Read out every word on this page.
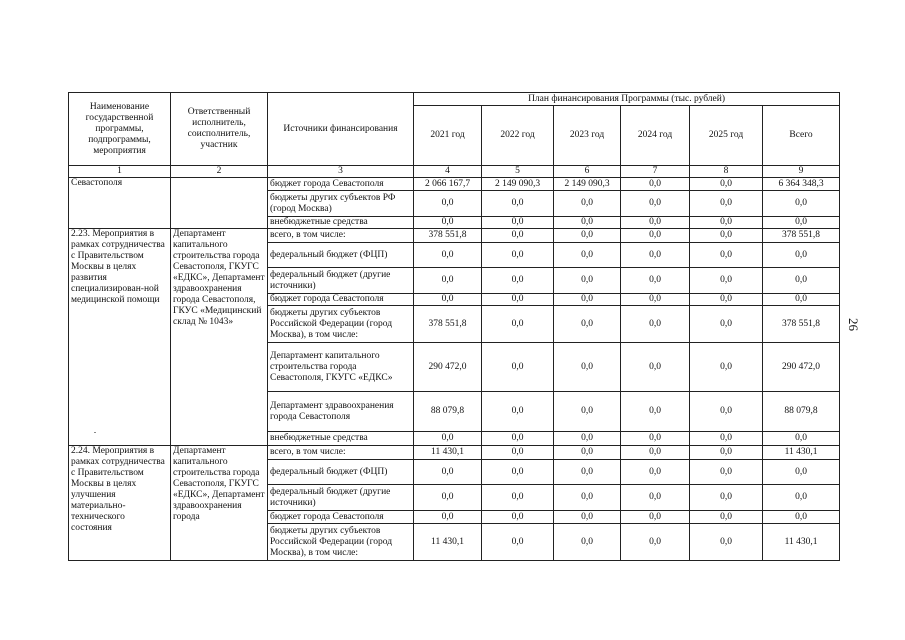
Наименование государственной программы, подпрограммы, мероприятия	Ответственный исполнитель, соисполнитель, участник	Источники финансирования	План финансирования Программы (тыс. рублей)					
			2021 год	2022 год	2023 год	2024 год	2025 год	Всего
1	2	3	4	5	6	7	8	9
Севастополя		бюджет города Севастополя	2 066 167,7	2 149 090,3	2 149 090,3	0,0	0,0	6 364 348,3
		бюджеты других субъектов РФ (город Москва)	0,0	0,0	0,0	0,0	0,0	0,0
		внебюджетные средства	0,0	0,0	0,0	0,0	0,0	0,0
2.23. Мероприятия в рамках сотрудничества с Правительством Москвы в целях развития специализирован-ной медицинской помощи	Департамент капитального строительства города Севастополя, ГКУГС «ЕДКС», Департамент здравоохранения города Севастополя, ГКУС «Медицинский склад № 1043»	всего, в том числе:	378 551,8	0,0	0,0	0,0	0,0	378 551,8
		федеральный бюджет (ФЦП)	0,0	0,0	0,0	0,0	0,0	0,0
		федеральный бюджет (другие источники)	0,0	0,0	0,0	0,0	0,0	0,0
		бюджет города Севастополя	0,0	0,0	0,0	0,0	0,0	0,0
		бюджеты других субъектов Российской Федерации (город Москва), в том числе:	378 551,8	0,0	0,0	0,0	0,0	378 551,8
		Департамент капитального строительства города Севастополя, ГКУГС «ЕДКС»	290 472,0	0,0	0,0	0,0	0,0	290 472,0
		Департамент здравоохранения города Севастополя	88 079,8	0,0	0,0	0,0	0,0	88 079,8
		внебюджетные средства	0,0	0,0	0,0	0,0	0,0	0,0
2.24. Мероприятия в рамках сотрудничества с Правительством Москвы в целях улучшения материально-технического состояния	Департамент капитального строительства города Севастополя, ГКУГС «ЕДКС», Департамент здравоохранения города	всего, в том числе:	11 430,1	0,0	0,0	0,0	0,0	11 430,1
		федеральный бюджет (ФЦП)	0,0	0,0	0,0	0,0	0,0	0,0
		федеральный бюджет (другие источники)	0,0	0,0	0,0	0,0	0,0	0,0
		бюджет города Севастополя	0,0	0,0	0,0	0,0	0,0	0,0
		бюджеты других субъектов Российской Федерации (город Москва), в том числе:	11 430,1	0,0	0,0	0,0	0,0	11 430,1
26
